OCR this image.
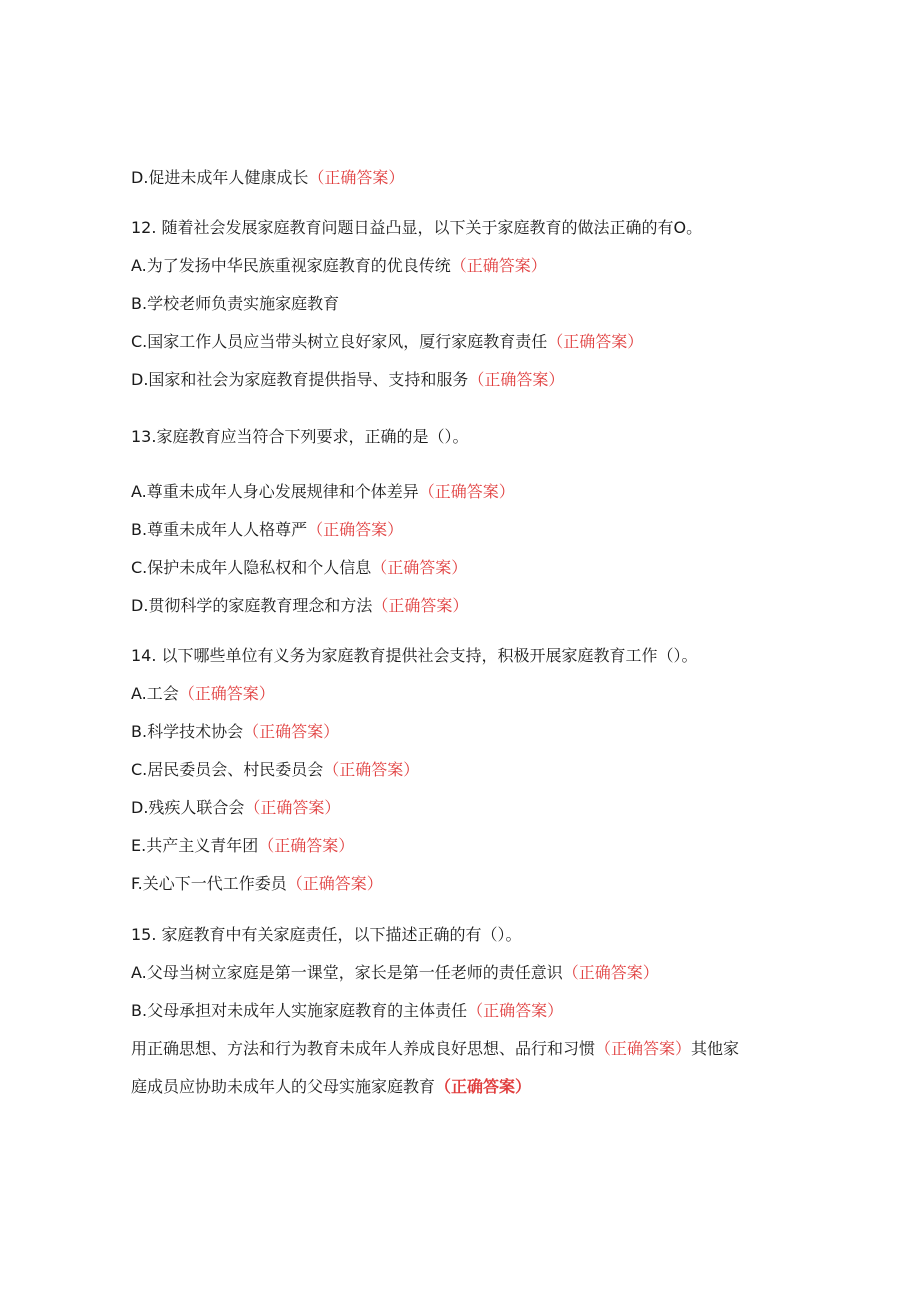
D.促进未成年人健康成长（正确答案）
12. 随着社会发展家庭教育问题日益凸显，以下关于家庭教育的做法正确的有O。
A.为了发扬中华民族重视家庭教育的优良传统（正确答案）
B.学校老师负责实施家庭教育
C.国家工作人员应当带头树立良好家风，厦行家庭教育责任（正确答案）
D.国家和社会为家庭教育提供指导、支持和服务（正确答案）
13.家庭教育应当符合下列要求，正确的是（）。
A.尊重未成年人身心发展规律和个体差异（正确答案）
B.尊重未成年人人格尊严（正确答案）
C.保护未成年人隐私权和个人信息（正确答案）
D.贯彻科学的家庭教育理念和方法（正确答案）
14. 以下哪些单位有义务为家庭教育提供社会支持，积极开展家庭教育工作（）。
A.工会（正确答案）
B.科学技术协会（正确答案）
C.居民委员会、村民委员会（正确答案）
D.残疾人联合会（正确答案）
E.共产主义青年团（正确答案）
F.关心下一代工作委员（正确答案）
15. 家庭教育中有关家庭责任，以下描述正确的有（）。
A.父母当树立家庭是第一课堂，家长是第一任老师的责任意识（正确答案）
B.父母承担对未成年人实施家庭教育的主体责任（正确答案）
用正确思想、方法和行为教育未成年人养成良好思想、品行和习惯（正确答案）其他家
庭成员应协助未成年人的父母实施家庭教育（正确答案）
